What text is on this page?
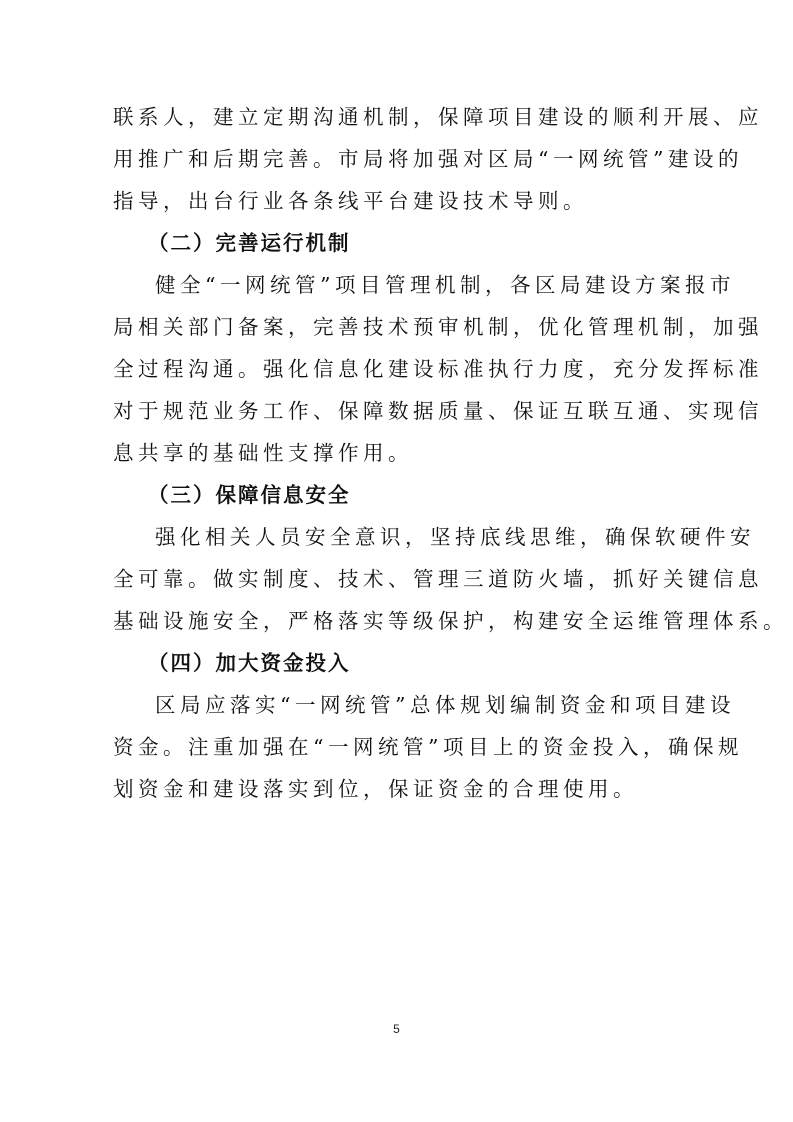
联系人，建立定期沟通机制，保障项目建设的顺利开展、应
用推广和后期完善。市局将加强对区局“一网统管”建设的
指导，出台行业各条线平台建设技术导则。
（二）完善运行机制
健全“一网统管”项目管理机制，各区局建设方案报市
局相关部门备案，完善技术预审机制，优化管理机制，加强
全过程沟通。强化信息化建设标准执行力度，充分发挥标准
对于规范业务工作、保障数据质量、保证互联互通、实现信
息共享的基础性支撑作用。
（三）保障信息安全
强化相关人员安全意识，坚持底线思维，确保软硬件安
全可靠。做实制度、技术、管理三道防火墙，抓好关键信息
基础设施安全，严格落实等级保护，构建安全运维管理体系。
（四）加大资金投入
区局应落实“一网统管”总体规划编制资金和项目建设
资金。注重加强在“一网统管”项目上的资金投入，确保规
划资金和建设落实到位，保证资金的合理使用。
5
